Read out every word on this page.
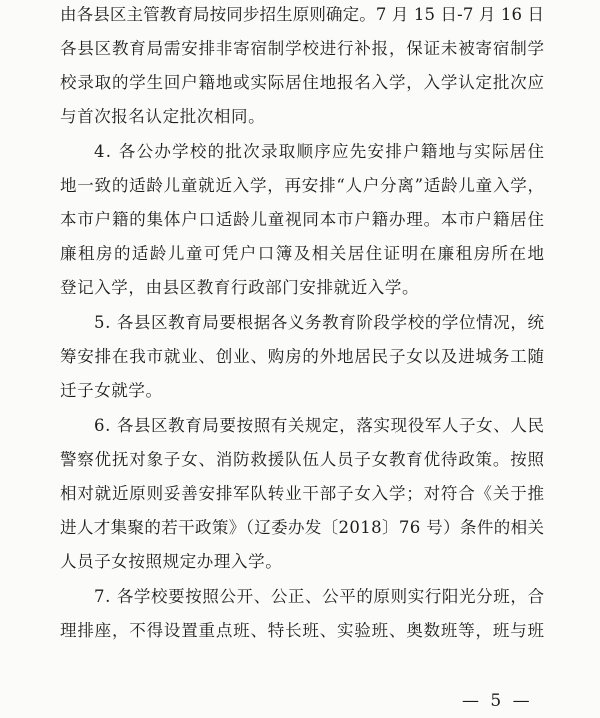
由各县区主管教育局按同步招生原则确定。7 月 15 日-7 月 16 日
各县区教育局需安排非寄宿制学校进行补报，保证未被寄宿制学
校录取的学生回户籍地或实际居住地报名入学，入学认定批次应
与首次报名认定批次相同。
4. 各公办学校的批次录取顺序应先安排户籍地与实际居住
地一致的适龄儿童就近入学，再安排“人户分离”适龄儿童入学，
本市户籍的集体户口适龄儿童视同本市户籍办理。本市户籍居住
廉租房的适龄儿童可凭户口簿及相关居住证明在廉租房所在地
登记入学，由县区教育行政部门安排就近入学。
5. 各县区教育局要根据各义务教育阶段学校的学位情况，统
筹安排在我市就业、创业、购房的外地居民子女以及进城务工随
迁子女就学。
6. 各县区教育局要按照有关规定，落实现役军人子女、人民
警察优抚对象子女、消防救援队伍人员子女教育优待政策。按照
相对就近原则妥善安排军队转业干部子女入学；对符合《关于推
进人才集聚的若干政策》（辽委办发〔2018〕76 号）条件的相关
人员子女按照规定办理入学。
7. 各学校要按照公开、公正、公平的原则实行阳光分班，合
理排座，不得设置重点班、特长班、实验班、奥数班等，班与班
— 5 —
